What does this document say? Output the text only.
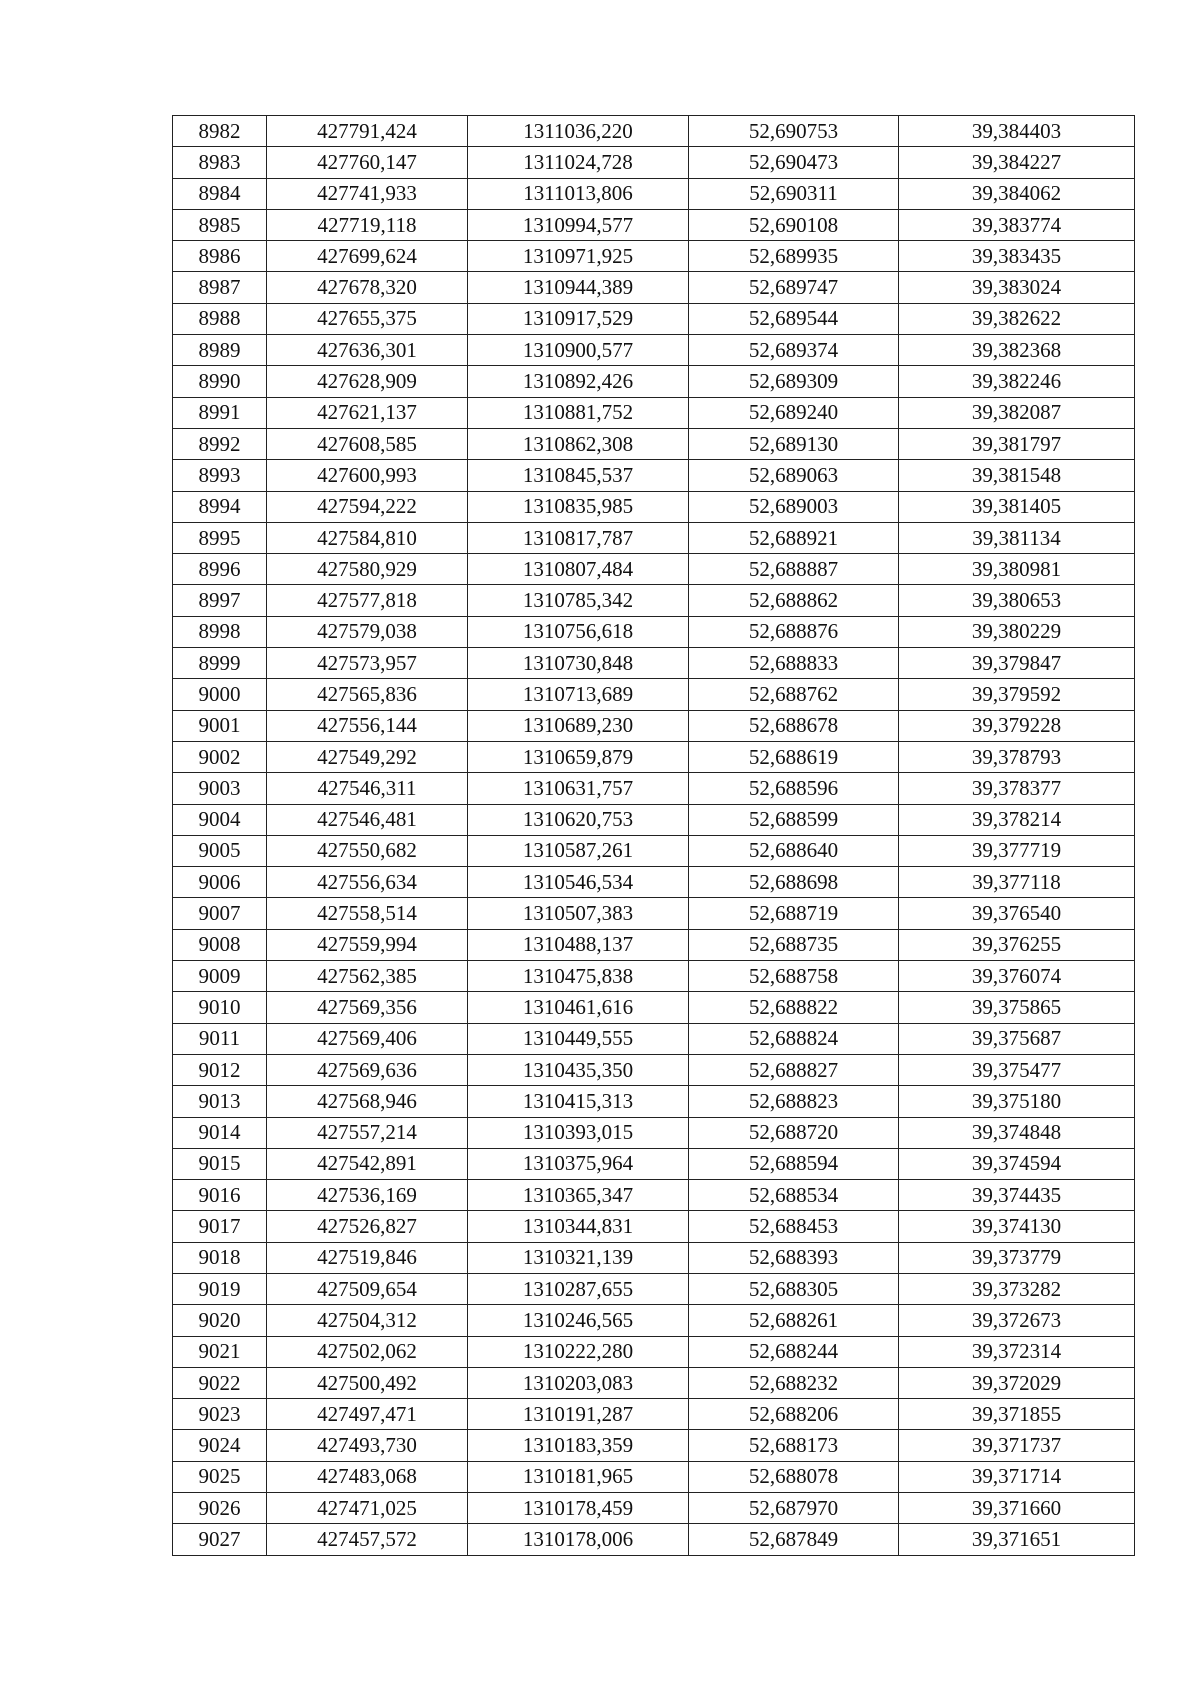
8982	427791,424	1311036,220	52,690753	39,384403
8983	427760,147	1311024,728	52,690473	39,384227
8984	427741,933	1311013,806	52,690311	39,384062
8985	427719,118	1310994,577	52,690108	39,383774
8986	427699,624	1310971,925	52,689935	39,383435
8987	427678,320	1310944,389	52,689747	39,383024
8988	427655,375	1310917,529	52,689544	39,382622
8989	427636,301	1310900,577	52,689374	39,382368
8990	427628,909	1310892,426	52,689309	39,382246
8991	427621,137	1310881,752	52,689240	39,382087
8992	427608,585	1310862,308	52,689130	39,381797
8993	427600,993	1310845,537	52,689063	39,381548
8994	427594,222	1310835,985	52,689003	39,381405
8995	427584,810	1310817,787	52,688921	39,381134
8996	427580,929	1310807,484	52,688887	39,380981
8997	427577,818	1310785,342	52,688862	39,380653
8998	427579,038	1310756,618	52,688876	39,380229
8999	427573,957	1310730,848	52,688833	39,379847
9000	427565,836	1310713,689	52,688762	39,379592
9001	427556,144	1310689,230	52,688678	39,379228
9002	427549,292	1310659,879	52,688619	39,378793
9003	427546,311	1310631,757	52,688596	39,378377
9004	427546,481	1310620,753	52,688599	39,378214
9005	427550,682	1310587,261	52,688640	39,377719
9006	427556,634	1310546,534	52,688698	39,377118
9007	427558,514	1310507,383	52,688719	39,376540
9008	427559,994	1310488,137	52,688735	39,376255
9009	427562,385	1310475,838	52,688758	39,376074
9010	427569,356	1310461,616	52,688822	39,375865
9011	427569,406	1310449,555	52,688824	39,375687
9012	427569,636	1310435,350	52,688827	39,375477
9013	427568,946	1310415,313	52,688823	39,375180
9014	427557,214	1310393,015	52,688720	39,374848
9015	427542,891	1310375,964	52,688594	39,374594
9016	427536,169	1310365,347	52,688534	39,374435
9017	427526,827	1310344,831	52,688453	39,374130
9018	427519,846	1310321,139	52,688393	39,373779
9019	427509,654	1310287,655	52,688305	39,373282
9020	427504,312	1310246,565	52,688261	39,372673
9021	427502,062	1310222,280	52,688244	39,372314
9022	427500,492	1310203,083	52,688232	39,372029
9023	427497,471	1310191,287	52,688206	39,371855
9024	427493,730	1310183,359	52,688173	39,371737
9025	427483,068	1310181,965	52,688078	39,371714
9026	427471,025	1310178,459	52,687970	39,371660
9027	427457,572	1310178,006	52,687849	39,371651
